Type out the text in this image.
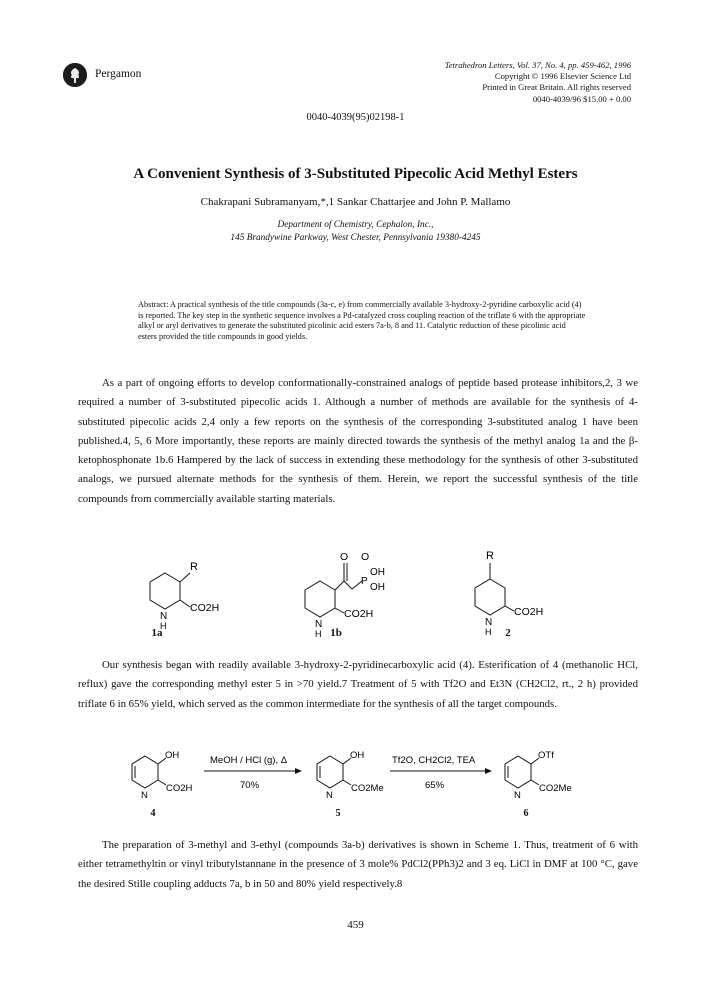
Pergamon
Tetrahedron Letters, Vol. 37, No. 4, pp. 459-462, 1996
Copyright © 1996 Elsevier Science Ltd
Printed in Great Britain. All rights reserved
0040-4039/96 $15.00 + 0.00
0040-4039(95)02198-1
A Convenient Synthesis of 3-Substituted Pipecolic Acid Methyl Esters
Chakrapani Subramanyam,*,1 Sankar Chattarjee and John P. Mallamo
Department of Chemistry, Cephalon, Inc.,
145 Brandywine Parkway, West Chester, Pennsylvania 19380-4245
Abstract: A practical synthesis of the title compounds (3a-c, e) from commercially available 3-hydroxy-2-pyridine carboxylic acid (4) is reported. The key step in the synthetic sequence involves a Pd-catalyzed cross coupling reaction of the triflate 6 with the appropriate alkyl or aryl derivatives to generate the substituted picolinic acid esters 7a-b, 8 and 11. Catalytic reduction of these picolinic acid esters provided the title compounds in good yields.

As a part of ongoing efforts to develop conformationally-constrained analogs of peptide based protease inhibitors,2, 3 we required a number of 3-substituted pipecolic acids 1. Although a number of methods are available for the synthesis of 4-substituted pipecolic acids 2,4 only a few reports on the synthesis of the corresponding 3-substituted analog 1 have been published.4, 5, 6 More importantly, these reports are mainly directed towards the synthesis of the methyl analog 1a and the β-ketophosphonate 1b.6 Hampered by the lack of success in extending these methodology for the synthesis of other 3-substituted analogs, we pursued alternate methods for the synthesis of them. Herein, we report the successful synthesis of the title compounds from commercially available starting materials.

R
N
H
CO2H
O O
P
OH
OH
N
H
CO2H
R
N
H
CO2H
1a	1b	2

Our synthesis began with readily available 3-hydroxy-2-pyridinecarboxylic acid (4). Esterification of 4 (methanolic HCl, reflux) gave the corresponding methyl ester 5 in >70 yield.7 Treatment of 5 with Tf2O and Et3N (CH2Cl2, rt., 2 h) provided triflate 6 in 65% yield, which served as the common intermediate for the synthesis of all the target compounds.

OH
N
CO2H
MeOH / HCl (g), Δ
70%
OH
N
CO2Me
Tf2O, CH2Cl2, TEA
65%
OTf
N
CO2Me
4	5	6

The preparation of 3-methyl and 3-ethyl (compounds 3a-b) derivatives is shown in Scheme 1. Thus, treatment of 6 with either tetramethyltin or vinyl tributylstannane in the presence of 3 mole% PdCl2(PPh3)2 and 3 eq. LiCl in DMF at 100 °C, gave the desired Stille coupling adducts 7a, b in 50 and 80% yield respectively.8

459
